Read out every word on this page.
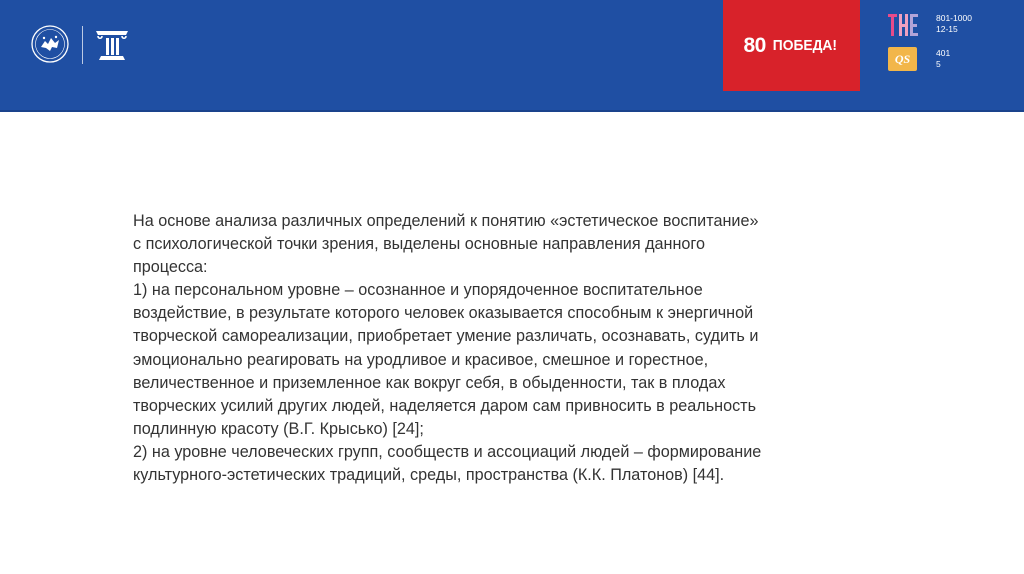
80 ПОБЕДА!
801-1000
12-15
QS	401
5

На основе анализа различных определений к понятию «эстетическое воспитание»

с психологической точки зрения, выделены основные направления данного

процесса:

1) на персональном уровне – осознанное и упорядоченное воспитательное

воздействие, в результате которого человек оказывается способным к энергичной

творческой самореализации, приобретает умение различать, осознавать, судить и

эмоционально реагировать на уродливое и красивое, смешное и горестное,

величественное и приземленное как вокруг себя, в обыденности, так в плодах

творческих усилий других людей, наделяется даром сам привносить в реальность

подлинную красоту (В.Г. Крысько) [24];

2) на уровне человеческих групп, сообществ и ассоциаций людей – формирование

культурного-эстетических традиций, среды, пространства (К.К. Платонов) [44].
